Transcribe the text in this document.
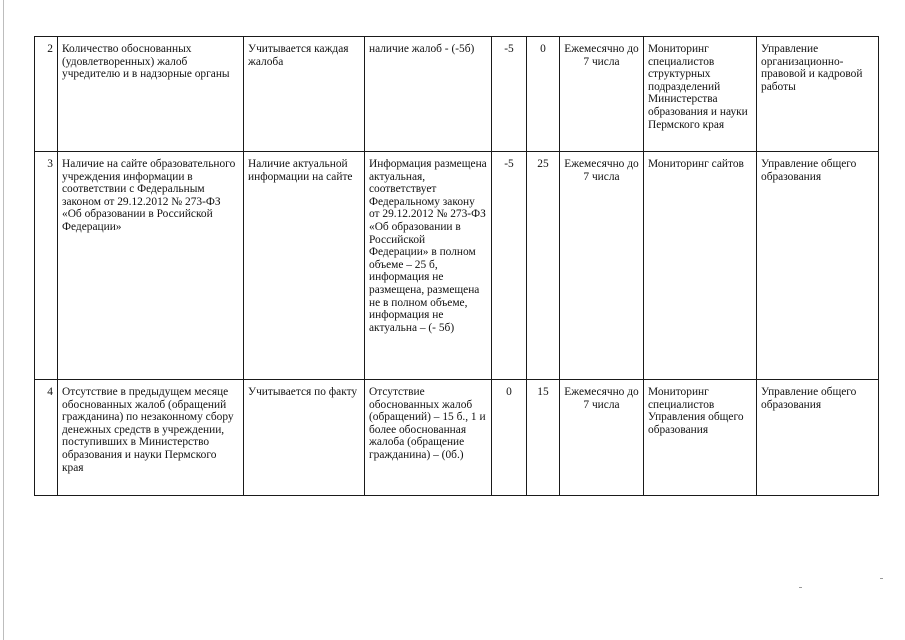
2	Количество обоснованных (удовлетворенных) жалоб учредителю и в надзорные органы	Учитывается каждая жалоба	наличие жалоб - (-5б)	-5	0	Ежемесячно до 7 числа	Мониторинг специалистов структурных подразделений Министерства образования и науки Пермского края	Управление организационно-правовой и кадровой работы
3	Наличие на сайте образовательного учреждения информации в соответствии с Федеральным законом от 29.12.2012 № 273-ФЗ «Об образовании в Российской Федерации»	Наличие актуальной информации на сайте	Информация размещена актуальная, соответствует Федеральному закону от 29.12.2012 № 273-ФЗ «Об образовании в Российской Федерации» в полном объеме – 25 б, информация не размещена, размещена не в полном объеме, информация не актуальна – (- 5б)	-5	25	Ежемесячно до 7 числа	Мониторинг сайтов	Управление общего образования
4	Отсутствие в предыдущем месяце обоснованных жалоб (обращений гражданина) по незаконному сбору денежных средств в учреждении, поступивших в Министерство образования и науки Пермского края	Учитывается по факту	Отсутствие обоснованных жалоб (обращений) – 15 б., 1 и более обоснованная жалоба (обращение гражданина) – (0б.)	0	15	Ежемесячно до 7 числа	Мониторинг специалистов Управления общего образования	Управление общего образования
